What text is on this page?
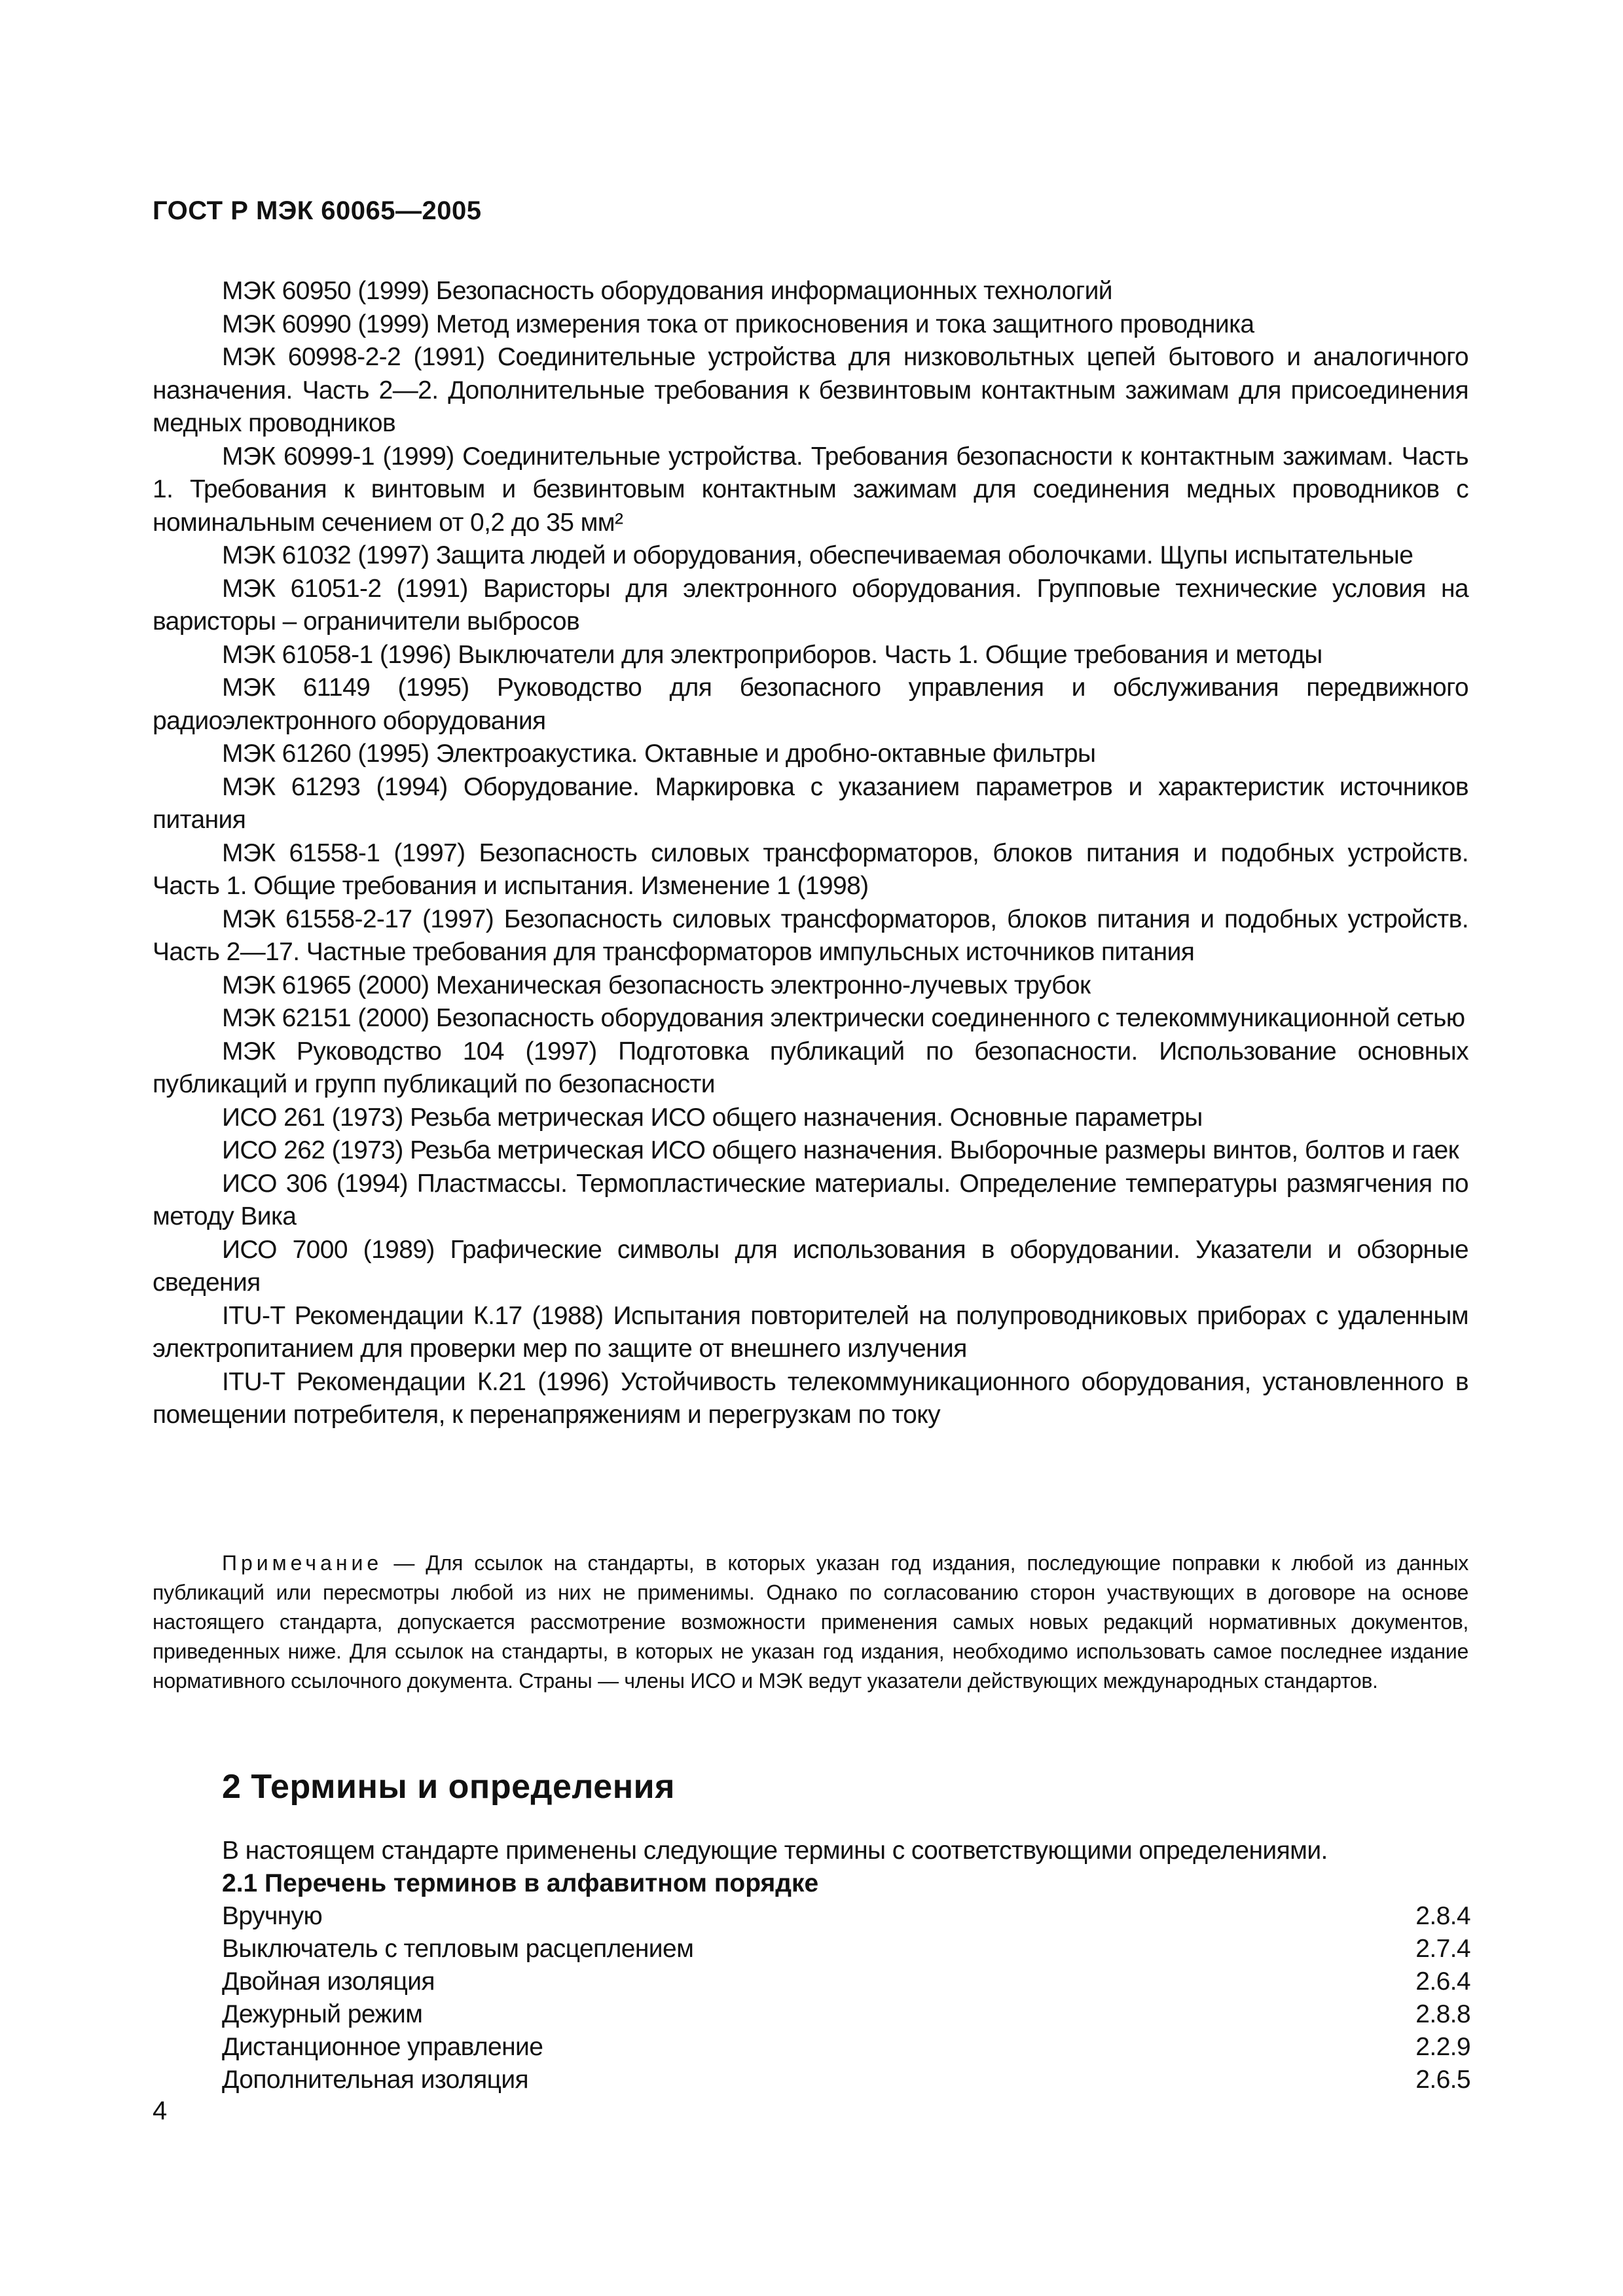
ГОСТ Р МЭК 60065—2005

МЭК 60950 (1999) Безопасность оборудования информационных технологий

МЭК 60990 (1999) Метод измерения тока от прикосновения и тока защитного проводника

МЭК 60998-2-2 (1991) Соединительные устройства для низковольтных цепей бытового и аналогичного назначения. Часть 2—2. Дополнительные требования к безвинтовым контактным зажимам для присоединения медных проводников

МЭК 60999-1 (1999) Соединительные устройства. Требования безопасности к контактным зажимам. Часть 1. Требования к винтовым и безвинтовым контактным зажимам для соединения медных проводников с номинальным сечением от 0,2 до 35 мм²

МЭК 61032 (1997) Защита людей и оборудования, обеспечиваемая оболочками. Щупы испытательные

МЭК 61051-2 (1991) Варисторы для электронного оборудования. Групповые технические условия на варисторы – ограничители выбросов

МЭК 61058-1 (1996) Выключатели для электроприборов. Часть 1. Общие требования и методы

МЭК 61149 (1995) Руководство для безопасного управления и обслуживания передвижного радиоэлектронного оборудования

МЭК 61260 (1995) Электроакустика. Октавные и дробно-октавные фильтры

МЭК 61293 (1994) Оборудование. Маркировка с указанием параметров и характеристик источников питания

МЭК 61558-1 (1997) Безопасность силовых трансформаторов, блоков питания и подобных устройств. Часть 1. Общие требования и испытания. Изменение 1 (1998)

МЭК 61558-2-17 (1997) Безопасность силовых трансформаторов, блоков питания и подобных устройств. Часть 2—17. Частные требования для трансформаторов импульсных источников питания

МЭК 61965 (2000) Механическая безопасность электронно-лучевых трубок

МЭК 62151 (2000) Безопасность оборудования электрически соединенного с телекоммуникационной сетью

МЭК Руководство 104 (1997) Подготовка публикаций по безопасности. Использование основных публикаций и групп публикаций по безопасности

ИСО 261 (1973) Резьба метрическая ИСО общего назначения. Основные параметры

ИСО 262 (1973) Резьба метрическая ИСО общего назначения. Выборочные размеры винтов, болтов и гаек

ИСО 306 (1994) Пластмассы. Термопластические материалы. Определение температуры размягчения по методу Вика

ИСО 7000 (1989) Графические символы для использования в оборудовании. Указатели и обзорные сведения

ITU-T Рекомендации К.17 (1988) Испытания повторителей на полупроводниковых приборах с удаленным электропитанием для проверки мер по защите от внешнего излучения

ITU-T Рекомендации К.21 (1996) Устойчивость телекоммуникационного оборудования, установленного в помещении потребителя, к перенапряжениям и перегрузкам по току

Примечание — Для ссылок на стандарты, в которых указан год издания, последующие поправки к любой из данных публикаций или пересмотры любой из них не применимы. Однако по согласованию сторон участвующих в договоре на основе настоящего стандарта, допускается рассмотрение возможности применения самых новых редакций нормативных документов, приведенных ниже. Для ссылок на стандарты, в которых не указан год издания, необходимо использовать самое последнее издание нормативного ссылочного документа. Страны — члены ИСО и МЭК ведут указатели действующих международных стандартов.

2 Термины и определения
В настоящем стандарте применены следующие термины с соответствующими определениями.
2.1 Перечень терминов в алфавитном порядке
Вручную	2.8.4
Выключатель с тепловым расцеплением	2.7.4
Двойная изоляция	2.6.4
Дежурный режим	2.8.8
Дистанционное управление	2.2.9
Дополнительная изоляция	2.6.5
4
